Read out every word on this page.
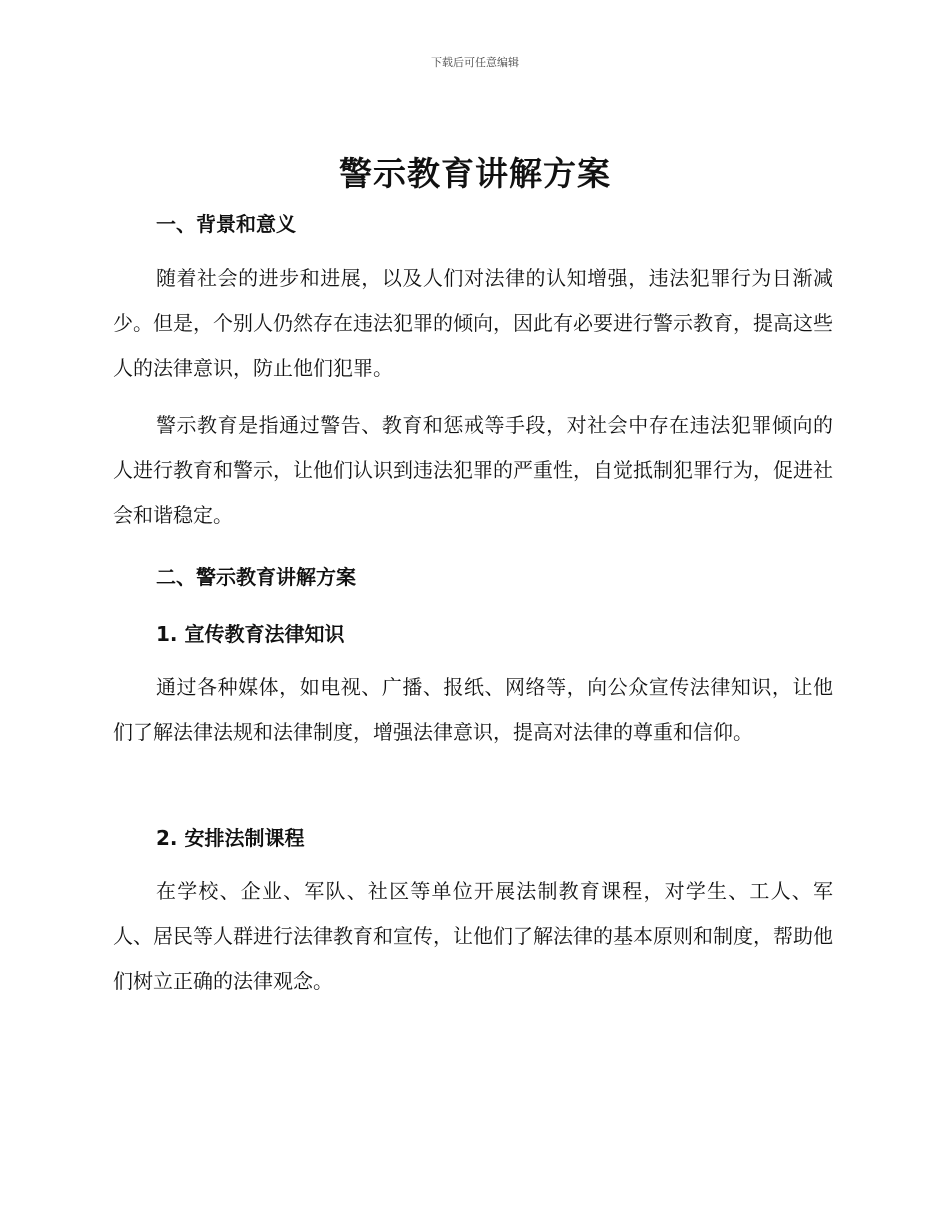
下载后可任意编辑
警示教育讲解方案
一、背景和意义
随着社会的进步和进展，以及人们对法律的认知增强，违法犯罪行为日渐减少。但是，个别人仍然存在违法犯罪的倾向，因此有必要进行警示教育，提高这些人的法律意识，防止他们犯罪。
警示教育是指通过警告、教育和惩戒等手段，对社会中存在违法犯罪倾向的人进行教育和警示，让他们认识到违法犯罪的严重性，自觉抵制犯罪行为，促进社会和谐稳定。
二、警示教育讲解方案
1. 宣传教育法律知识
通过各种媒体，如电视、广播、报纸、网络等，向公众宣传法律知识，让他们了解法律法规和法律制度，增强法律意识，提高对法律的尊重和信仰。
2. 安排法制课程
在学校、企业、军队、社区等单位开展法制教育课程，对学生、工人、军人、居民等人群进行法律教育和宣传，让他们了解法律的基本原则和制度，帮助他们树立正确的法律观念。
